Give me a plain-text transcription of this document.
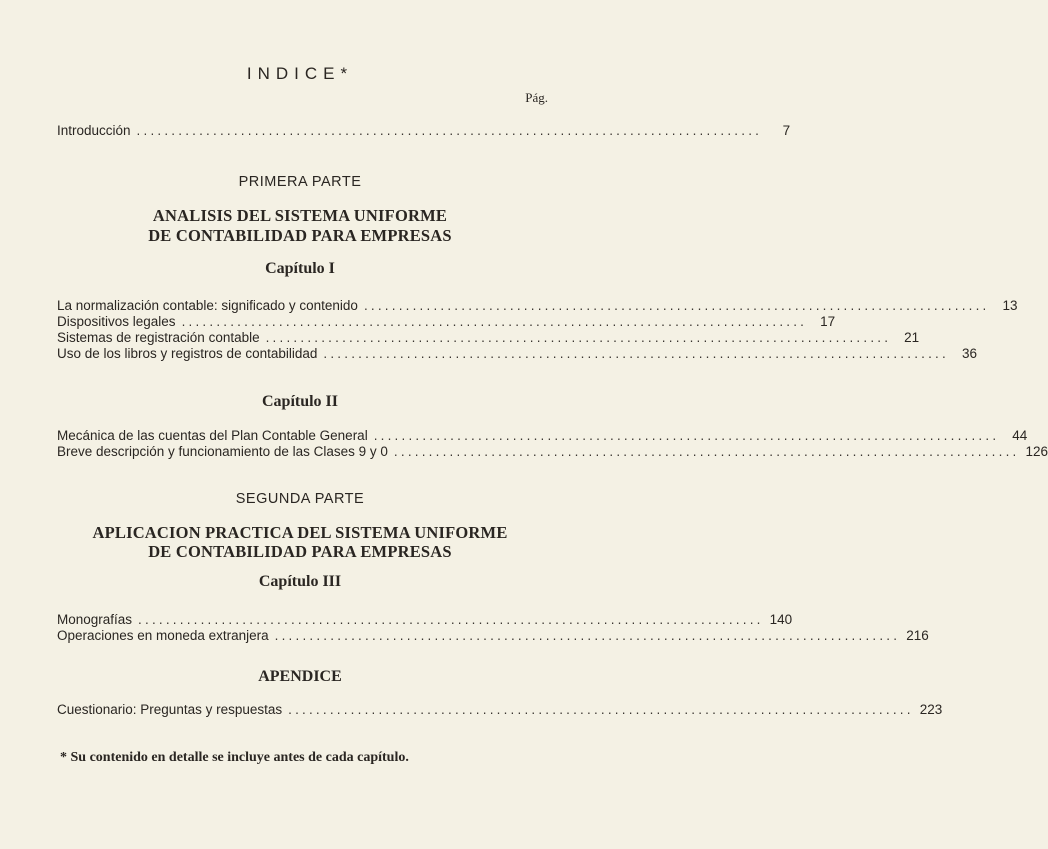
INDICE*
Pág.
Introducción ..........................................................................................	7
PRIMERA PARTE
ANALISIS DEL SISTEMA UNIFORME
DE CONTABILIDAD PARA EMPRESAS
Capítulo I
La normalización contable: significado y contenido .......................................................................................... 13
Dispositivos legales .......................................................................................... 17
Sistemas de registración contable .......................................................................................... 21
Uso de los libros y registros de contabilidad .......................................................................................... 36
Capítulo II
Mecánica de las cuentas del Plan Contable General .......................................................................................... 44
Breve descripción y funcionamiento de las Clases 9 y 0 .......................................................................................... 126
SEGUNDA PARTE
APLICACION PRACTICA DEL SISTEMA UNIFORME
DE CONTABILIDAD PARA EMPRESAS
Capítulo III
Monografías .......................................................................................... 140
Operaciones en moneda extranjera .......................................................................................... 216
APENDICE
Cuestionario: Preguntas y respuestas .......................................................................................... 223
* Su contenido en detalle se incluye antes de cada capítulo.
